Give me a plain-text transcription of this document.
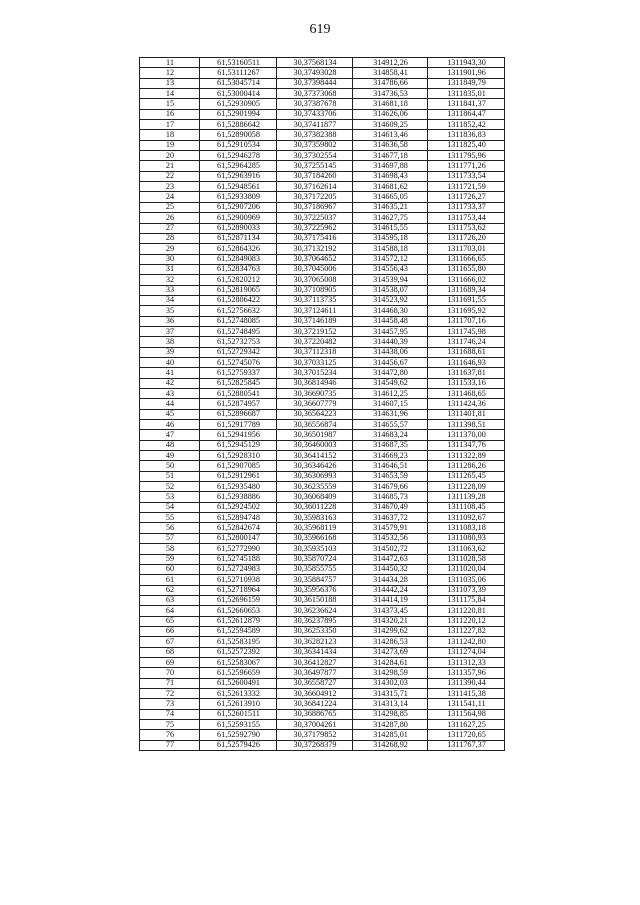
619
11	61,53160511	30,37568134	314912,26	1311943,30
12	61,53111267	30,37493028	314858,41	1311901,96
13	61,53045714	30,37398444	314786,66	1311849,79
14	61,53000414	30,37373068	314736,53	1311835,01
15	61,52930905	30,37387678	314681,18	1311841,37
16	61,52901994	30,37433706	314626,06	1311864,47
17	61,52886642	30,37411877	314609,25	1311852,42
18	61,52890058	30,37382388	314613,46	1311836,83
19	61,52910534	30,37359802	314636,58	1311825,40
20	61,52946278	30,37302554	314677,18	1311795,96
21	61,52964285	30,37255145	314697,88	1311771,26
22	61,52963916	30,37184260	314698,43	1311733,54
23	61,52948561	30,37162614	314681,62	1311721,59
24	61,52933809	30,37172205	314665,05	1311726,27
25	61,52907206	30,37186967	314635,21	1311733,37
26	61,52900969	30,37225037	314627,75	1311753,44
27	61,52890033	30,37225962	314615,55	1311753,62
28	61,52871134	30,37175416	314595,18	1311726,20
29	61,52864326	30,37132192	314588,18	1311703,01
30	61,52849083	30,37064652	314572,12	1311666,65
31	61,52834763	30,37045006	314556,43	1311655,80
32	61,52820212	30,37065008	314539,94	1311666,02
33	61,52819065	30,37108905	314538,07	1311689,34
34	61,52806422	30,37113735	314523,92	1311691,55
35	61,52756632	30,37124611	314468,30	1311695,92
36	61,52748085	30,37146189	314458,48	1311707,16
37	61,52748495	30,37219152	314457,95	1311745,98
38	61,52732753	30,37220482	314440,39	1311746,24
39	61,52729342	30,37112318	314438,06	1311688,61
40	61,52745076	30,37033125	314456,67	1311646,93
41	61,52759337	30,37015234	314472,80	1311637,81
42	61,52825845	30,36814946	314549,62	1311533,16
43	61,52880541	30,36690735	314612,25	1311468,65
44	61,52874957	30,36607779	314607,15	1311424,36
45	61,52896687	30,36564223	314631,96	1311401,81
46	61,52917789	30,36556874	314655,57	1311398,51
47	61,52941956	30,36501987	314683,24	1311370,00
48	61,52945129	30,36460003	314687,35	1311347,76
49	61,52928310	30,36414152	314669,23	1311322,89
50	61,52907085	30,36346426	314646,51	1311286,26
51	61,52912961	30,36306993	314653,59	1311265,45
52	61,52935480	30,36235559	314679,66	1311228,09
53	61,52938886	30,36068409	314685,73	1311139,28
54	61,52924502	30,36011228	314670,49	1311108,45
55	61,52894748	30,35983163	314637,72	1311092,67
56	61,52842674	30,35968119	314579,91	1311083,18
57	61,52800147	30,35966168	314532,56	1311080,93
58	61,52772990	30,35935103	314502,72	1311063,62
59	61,52745188	30,35870724	314472,63	1311028,58
60	61,52724983	30,35855755	314450,32	1311020,04
61	61,52710938	30,35884757	314434,28	1311035,06
62	61,52718964	30,35956376	314442,24	1311073,39
63	61,52696159	30,36150188	314414,19	1311175,84
64	61,52660653	30,36236624	314373,45	1311220,81
65	61,52612879	30,36237895	314320,21	1311220,12
66	61,52594589	30,36253350	314299,62	1311227,82
67	61,52583195	30,36282123	314286,53	1311242,80
68	61,52572392	30,36341434	314273,69	1311274,04
69	61,52583067	30,36412827	314284,61	1311312,33
70	61,52596659	30,36497877	314298,59	1311357,96
71	61,52600491	30,36558727	314302,03	1311390,44
72	61,52613332	30,36604912	314315,71	1311415,38
73	61,52613910	30,36841224	314313,14	1311541,11
74	61,52601511	30,36886765	314298,85	1311564,98
75	61,52593155	30,37004261	314287,80	1311627,25
76	61,52592790	30,37179852	314285,01	1311720,65
77	61,52579426	30,37268379	314268,92	1311767,37
